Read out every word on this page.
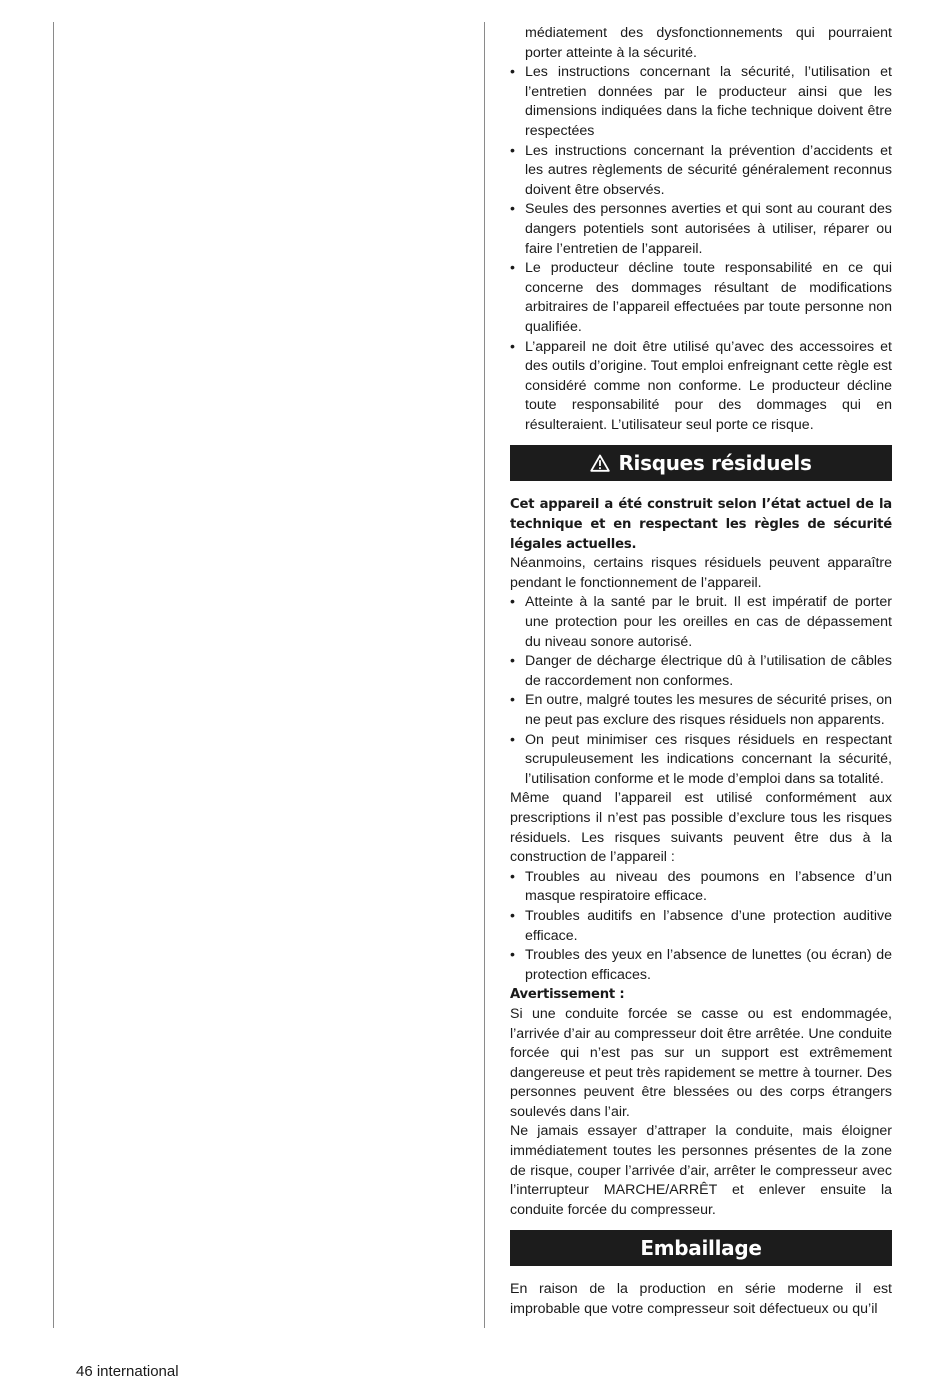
médiatement des dysfonctionnements qui pourraient porter atteinte à la sécurité.

• Les instructions concernant la sécurité, l’utilisation et l’entretien données par le producteur ainsi que les dimensions indiquées dans la fiche technique doivent être respectées
• Les instructions concernant la prévention d’accidents et les autres règlements de sécurité généralement reconnus doivent être observés.
• Seules des personnes averties et qui sont au courant des dangers potentiels sont autorisées à utiliser, réparer ou faire l’entretien de l’appareil.
• Le producteur décline toute responsabilité en ce qui concerne des dommages résultant de modifications arbitraires de l’appareil effectuées par toute personne non qualifiée.
• L’appareil ne doit être utilisé qu’avec des accessoires et des outils d’origine. Tout emploi enfreignant cette règle est considéré comme non conforme. Le producteur décline toute responsabilité pour des dommages qui en résulteraient. L’utilisateur seul porte ce risque.
Risques résiduels

Cet appareil a été construit selon l’état actuel de la technique et en respectant les règles de sécurité légales actuelles.

Néanmoins, certains risques résiduels peuvent apparaître pendant le fonctionnement de l’appareil.

• Atteinte à la santé par le bruit. Il est impératif de porter une protection pour les oreilles en cas de dépassement du niveau sonore autorisé.
• Danger de décharge électrique dû à l’utilisation de câbles de raccordement non conformes.
• En outre, malgré toutes les mesures de sécurité prises, on ne peut pas exclure des risques résiduels non apparents.
• On peut minimiser ces risques résiduels en respectant scrupuleusement les indications concernant la sécurité, l’utilisation conforme et le mode d’emploi dans sa totalité.

Même quand l’appareil est utilisé conformément aux prescriptions il n’est pas possible d’exclure tous les risques résiduels. Les risques suivants peuvent être dus à la construction de l’appareil :

• Troubles au niveau des poumons en l’absence d’un masque respiratoire efficace.
• Troubles auditifs en l’absence d’une protection auditive efficace.
• Troubles des yeux en l’absence de lunettes (ou écran) de protection efficaces.

Avertissement :

Si une conduite forcée se casse ou est endommagée, l’arrivée d’air au compresseur doit être arrêtée. Une conduite forcée qui n’est pas sur un support est extrêmement dangereuse et peut très rapidement se mettre à tourner. Des personnes peuvent être blessées ou des corps étrangers soulevés dans l’air.

Ne jamais essayer d’attraper la conduite, mais éloigner immédiatement toutes les personnes présentes de la zone de risque, couper l’arrivée d’air, arrêter le compresseur avec l’interrupteur MARCHE/ARRÊT et enlever ensuite la conduite forcée du compresseur.

Embaillage

En raison de la production en série moderne il est improbable que votre compresseur soit défectueux ou qu’il

46 international
